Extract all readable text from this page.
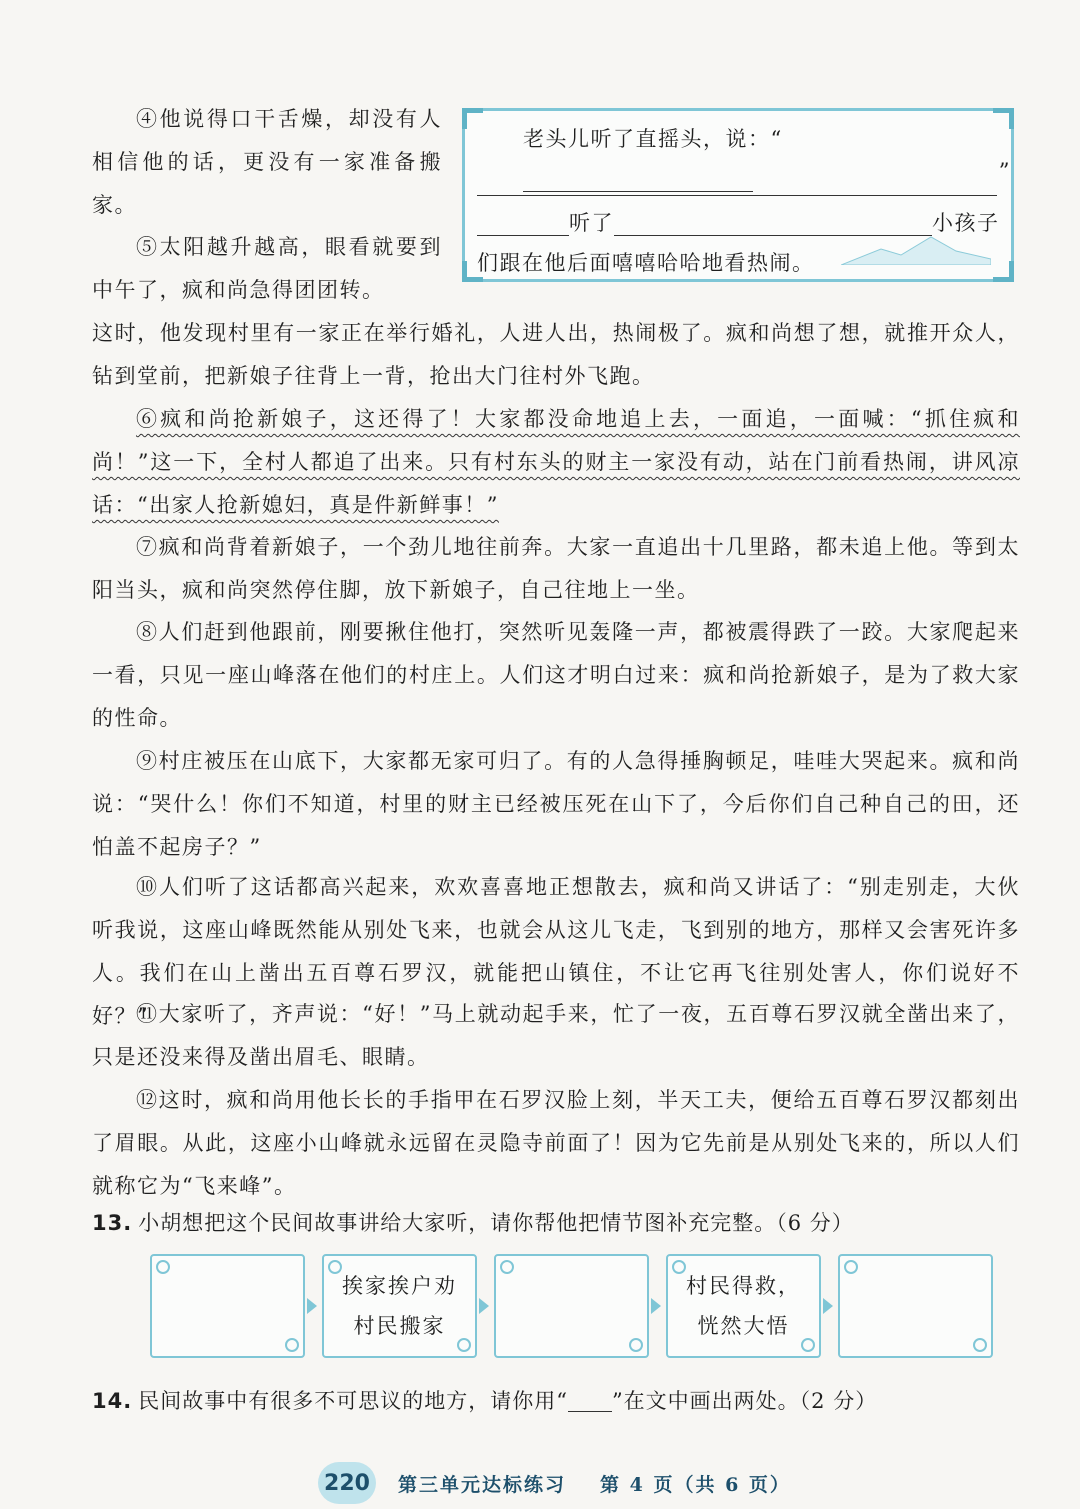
④他说得口干舌燥，却没有人相信他的话，更没有一家准备搬家。

⑤太阳越升越高，眼看就要到中午了，疯和尚急得团团转。

老头儿听了直摇头，说：“
”
听了	小孩子
们跟在他后面嘻嘻哈哈地看热闹。

这时，他发现村里有一家正在举行婚礼，人进人出，热闹极了。疯和尚想了想，就推开众人，钻到堂前，把新娘子往背上一背，抢出大门往村外飞跑。

⑥疯和尚抢新娘子，这还得了！大家都没命地追上去，一面追，一面喊：“抓住疯和尚！”这一下，全村人都追了出来。只有村东头的财主一家没有动，站在门前看热闹，讲风凉话：“出家人抢新媳妇，真是件新鲜事！”

⑦疯和尚背着新娘子，一个劲儿地往前奔。大家一直追出十几里路，都未追上他。等到太阳当头，疯和尚突然停住脚，放下新娘子，自己往地上一坐。

⑧人们赶到他跟前，刚要揪住他打，突然听见轰隆一声，都被震得跌了一跤。大家爬起来一看，只见一座山峰落在他们的村庄上。人们这才明白过来：疯和尚抢新娘子，是为了救大家的性命。

⑨村庄被压在山底下，大家都无家可归了。有的人急得捶胸顿足，哇哇大哭起来。疯和尚说：“哭什么！你们不知道，村里的财主已经被压死在山下了，今后你们自己种自己的田，还怕盖不起房子？”

⑩人们听了这话都高兴起来，欢欢喜喜地正想散去，疯和尚又讲话了：“别走别走，大伙听我说，这座山峰既然能从别处飞来，也就会从这儿飞走，飞到别的地方，那样又会害死许多人。我们在山上凿出五百尊石罗汉，就能把山镇住，不让它再飞往别处害人，你们说好不好？”

⑪大家听了，齐声说：“好！”马上就动起手来，忙了一夜，五百尊石罗汉就全凿出来了，只是还没来得及凿出眉毛、眼睛。

⑫这时，疯和尚用他长长的手指甲在石罗汉脸上刻，半天工夫，便给五百尊石罗汉都刻出了眉眼。从此，这座小山峰就永远留在灵隐寺前面了！因为它先前是从别处飞来的，所以人们就称它为“飞来峰”。

13. 小胡想把这个民间故事讲给大家听，请你帮他把情节图补充完整。（6 分）

挨家挨户劝
村民搬家
村民得救，
恍然大悟

14. 民间故事中有很多不可思议的地方，请你用“ ”在文中画出两处。（2 分）

220	第三单元达标练习 第 4 页（共 6 页）
